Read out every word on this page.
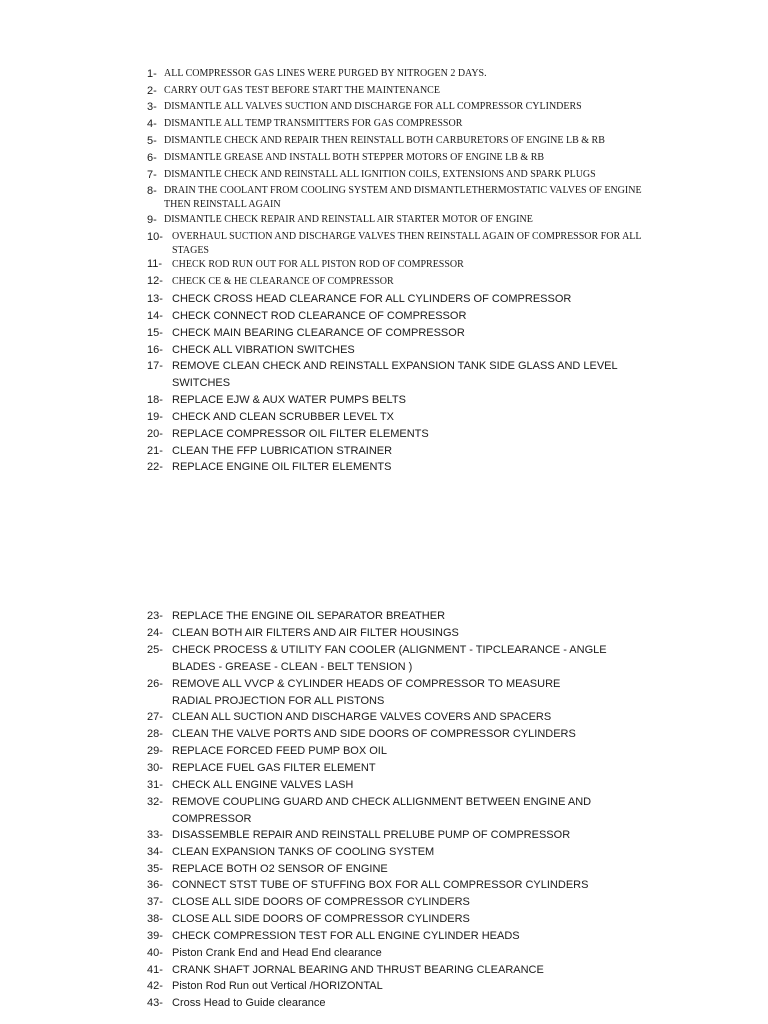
1- ALL COMPRESSOR GAS LINES WERE PURGED BY NITROGEN 2 DAYS.
2- CARRY OUT GAS TEST BEFORE START THE MAINTENANCE
3- DISMANTLE ALL VALVES SUCTION AND DISCHARGE FOR ALL COMPRESSOR CYLINDERS
4- DISMANTLE ALL TEMP TRANSMITTERS FOR GAS COMPRESSOR
5- DISMANTLE CHECK AND REPAIR THEN REINSTALL BOTH CARBURETORS OF ENGINE LB & RB
6- DISMANTLE GREASE AND INSTALL BOTH STEPPER MOTORS OF ENGINE LB & RB
7- DISMANTLE CHECK AND REINSTALL ALL IGNITION COILS, EXTENSIONS AND SPARK PLUGS
8- DRAIN THE COOLANT FROM COOLING SYSTEM AND DISMANTLETHERMOSTATIC VALVES OF ENGINE THEN REINSTALL AGAIN
9- DISMANTLE CHECK REPAIR AND REINSTALL AIR STARTER MOTOR OF ENGINE
10- OVERHAUL SUCTION AND DISCHARGE VALVES THEN REINSTALL AGAIN OF COMPRESSOR FOR ALL STAGES
11- CHECK ROD RUN OUT FOR ALL PISTON ROD OF COMPRESSOR
12- CHECK CE & HE CLEARANCE OF COMPRESSOR
13- CHECK CROSS HEAD CLEARANCE FOR ALL CYLINDERS OF COMPRESSOR
14- CHECK CONNECT ROD CLEARANCE OF COMPRESSOR
15- CHECK MAIN BEARING CLEARANCE OF COMPRESSOR
16- CHECK ALL VIBRATION SWITCHES
17- REMOVE CLEAN CHECK AND REINSTALL EXPANSION TANK SIDE GLASS AND LEVEL SWITCHES
18- REPLACE EJW & AUX WATER PUMPS BELTS
19- CHECK AND CLEAN SCRUBBER LEVEL TX
20- REPLACE COMPRESSOR OIL FILTER ELEMENTS
21- CLEAN THE FFP LUBRICATION STRAINER
22- REPLACE ENGINE OIL FILTER ELEMENTS
23- REPLACE THE ENGINE OIL SEPARATOR BREATHER
24- CLEAN BOTH AIR FILTERS AND AIR FILTER HOUSINGS
25- CHECK PROCESS & UTILITY FAN COOLER (ALIGNMENT - TIPCLEARANCE - ANGLE BLADES - GREASE - CLEAN - BELT TENSION )
26- REMOVE ALL VVCP & CYLINDER HEADS OF COMPRESSOR TO MEASURE RADIAL PROJECTION FOR ALL PISTONS
27- CLEAN ALL SUCTION AND DISCHARGE VALVES COVERS AND SPACERS
28- CLEAN THE VALVE PORTS AND SIDE DOORS OF COMPRESSOR CYLINDERS
29- REPLACE FORCED FEED PUMP BOX OIL
30- REPLACE FUEL GAS FILTER ELEMENT
31- CHECK ALL ENGINE VALVES LASH
32- REMOVE COUPLING GUARD AND CHECK ALLIGNMENT BETWEEN ENGINE AND COMPRESSOR
33- DISASSEMBLE REPAIR AND REINSTALL PRELUBE PUMP OF COMPRESSOR
34- CLEAN EXPANSION TANKS OF COOLING SYSTEM
35- REPLACE BOTH O2 SENSOR OF ENGINE
36- CONNECT STST TUBE OF STUFFING BOX FOR ALL COMPRESSOR CYLINDERS
37- CLOSE ALL SIDE DOORS OF COMPRESSOR CYLINDERS
38- CLOSE ALL SIDE DOORS OF COMPRESSOR CYLINDERS
39- CHECK COMPRESSION TEST FOR ALL ENGINE CYLINDER HEADS
40- Piston Crank End and Head End clearance
41- CRANK SHAFT JORNAL BEARING AND THRUST BEARING CLEARANCE
42- Piston Rod Run out Vertical /HORIZONTAL
43- Cross Head to Guide clearance
